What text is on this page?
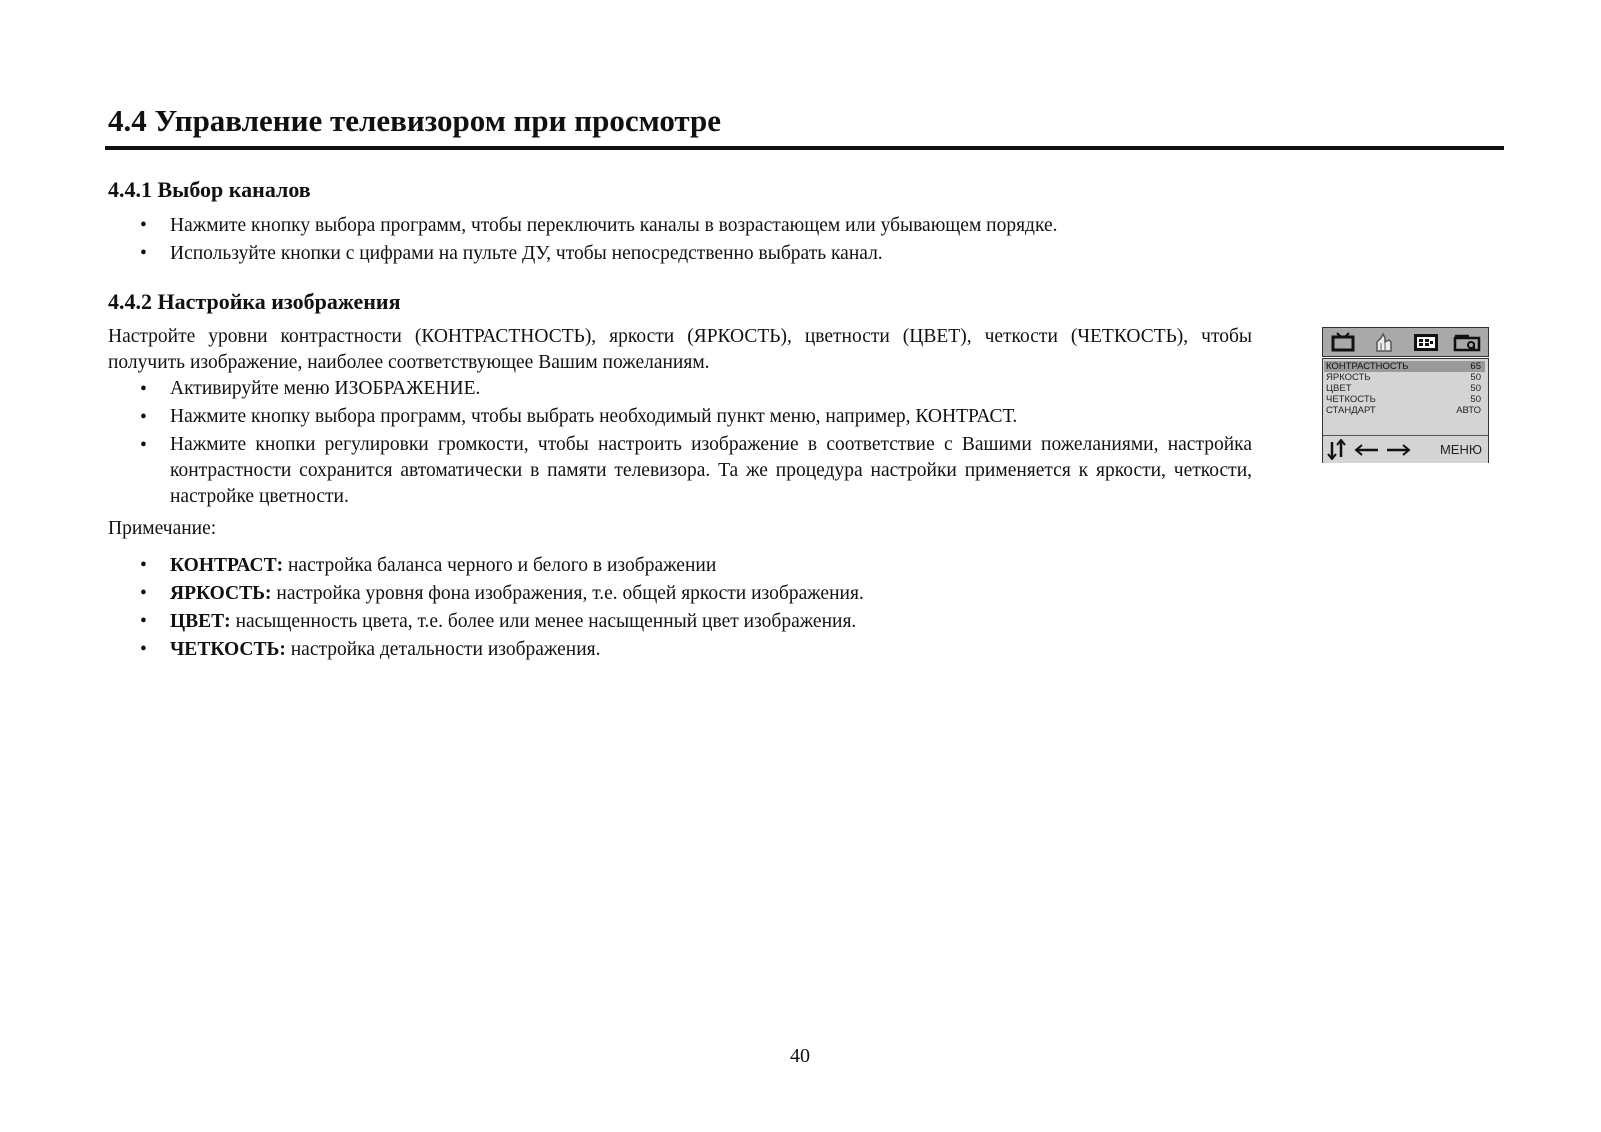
4.4 Управление телевизором при просмотре
4.4.1 Выбор каналов
• Нажмите кнопку выбора программ, чтобы переключить каналы в возрастающем или убывающем порядке.
• Используйте кнопки с цифрами на пульте ДУ, чтобы непосредственно выбрать канал.
4.4.2 Настройка изображения

Настройте уровни контрастности (КОНТРАСТНОСТЬ), яркости (ЯРКОСТЬ), цветности (ЦВЕТ), четкости (ЧЕТКОСТЬ), чтобы получить изображение, наиболее соответствующее Вашим пожеланиям.

• Активируйте меню ИЗОБРАЖЕНИЕ.
• Нажмите кнопку выбора программ, чтобы выбрать необходимый пункт меню, например, КОНТРАСТ.
• Нажмите кнопки регулировки громкости, чтобы настроить изображение в соответствие с Вашими пожеланиями, настройка контрастности сохранится автоматически в памяти телевизора. Та же процедура настройки применяется к яркости, четкости, настройке цветности.

Примечание:

• КОНТРАСТ: настройка баланса черного и белого в изображении
• ЯРКОСТЬ: настройка уровня фона изображения, т.е. общей яркости изображения.
• ЦВЕТ: насыщенность цвета, т.е. более или менее насыщенный цвет изображения.
• ЧЕТКОСТЬ: настройка детальности изображения.
КОНТРАСТНОСТЬ	65
ЯРКОСТЬ	50
ЦВЕТ	50
ЧЕТКОСТЬ	50
СТАНДАРТ	АВТО
МЕНЮ
40
